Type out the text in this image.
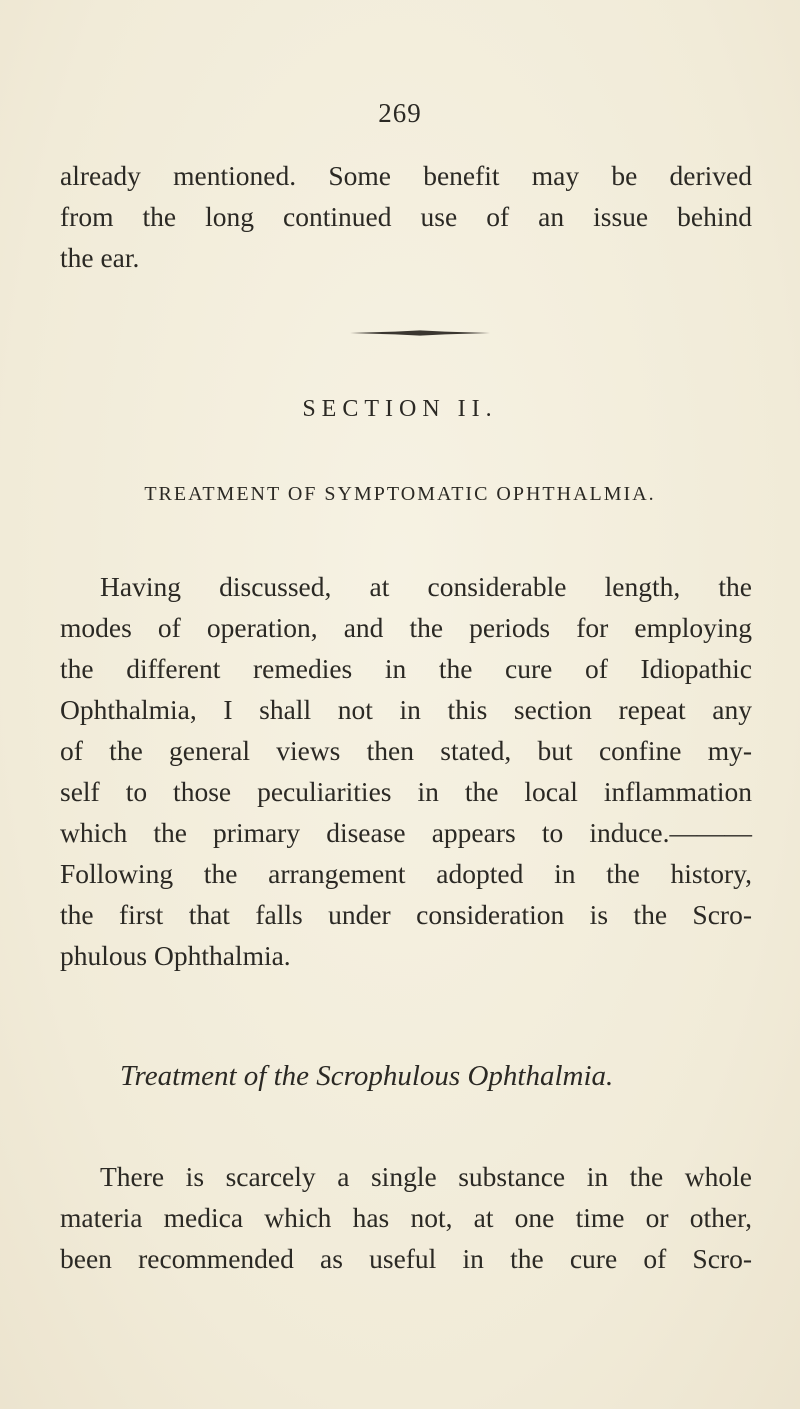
269
already mentioned. Some benefit may be derived
from the long continued use of an issue behind
the ear.
SECTION II.
TREATMENT OF SYMPTOMATIC OPHTHALMIA.
Having discussed, at considerable length, the
modes of operation, and the periods for employing
the different remedies in the cure of Idiopathic
Ophthalmia, I shall not in this section repeat any
of the general views then stated, but confine my-
self to those peculiarities in the local inflammation
which the primary disease appears to induce.———
Following the arrangement adopted in the history,
the first that falls under consideration is the Scro-
phulous Ophthalmia.
Treatment of the Scrophulous Ophthalmia.
There is scarcely a single substance in the whole
materia medica which has not, at one time or other,
been recommended as useful in the cure of Scro-
